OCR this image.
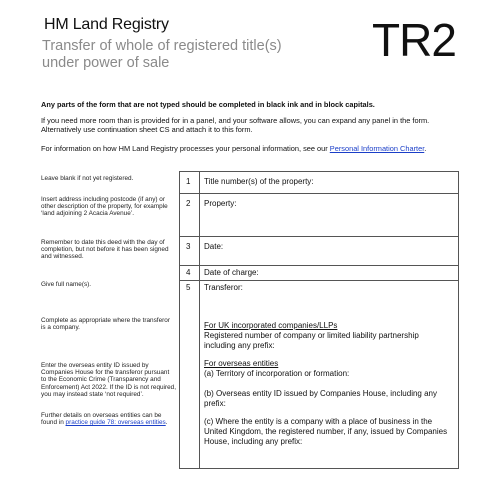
HM Land Registry
Transfer of whole of registered title(s)
under power of sale	TR2
Any parts of the form that are not typed should be completed in black ink and in block capitals.
If you need more room than is provided for in a panel, and your software allows, you can expand any panel in the form. Alternatively use continuation sheet CS and attach it to this form.
For information on how HM Land Registry processes your personal information, see our Personal Information Charter.
Leave blank if not yet registered.
Insert address including postcode (if any) or other description of the property, for example ‘land adjoining 2 Acacia Avenue’.
Remember to date this deed with the day of completion, but not before it has been signed and witnessed.
Give full name(s).
Complete as appropriate where the transferor is a company.
Enter the overseas entity ID issued by Companies House for the transferor pursuant to the Economic Crime (Transparency and Enforcement) Act 2022. If the ID is not required, you may instead state ‘not required’.
Further details on overseas entities can be found in practice guide 78: overseas entities.
1 Title number(s) of the property:
2 Property:
3 Date:
4 Date of charge:
5 Transferor:
For UK incorporated companies/LLPs
Registered number of company or limited liability partnership including any prefix:
For overseas entities
(a) Territory of incorporation or formation:
(b) Overseas entity ID issued by Companies House, including any prefix:
(c) Where the entity is a company with a place of business in the United Kingdom, the registered number, if any, issued by Companies House, including any prefix:
